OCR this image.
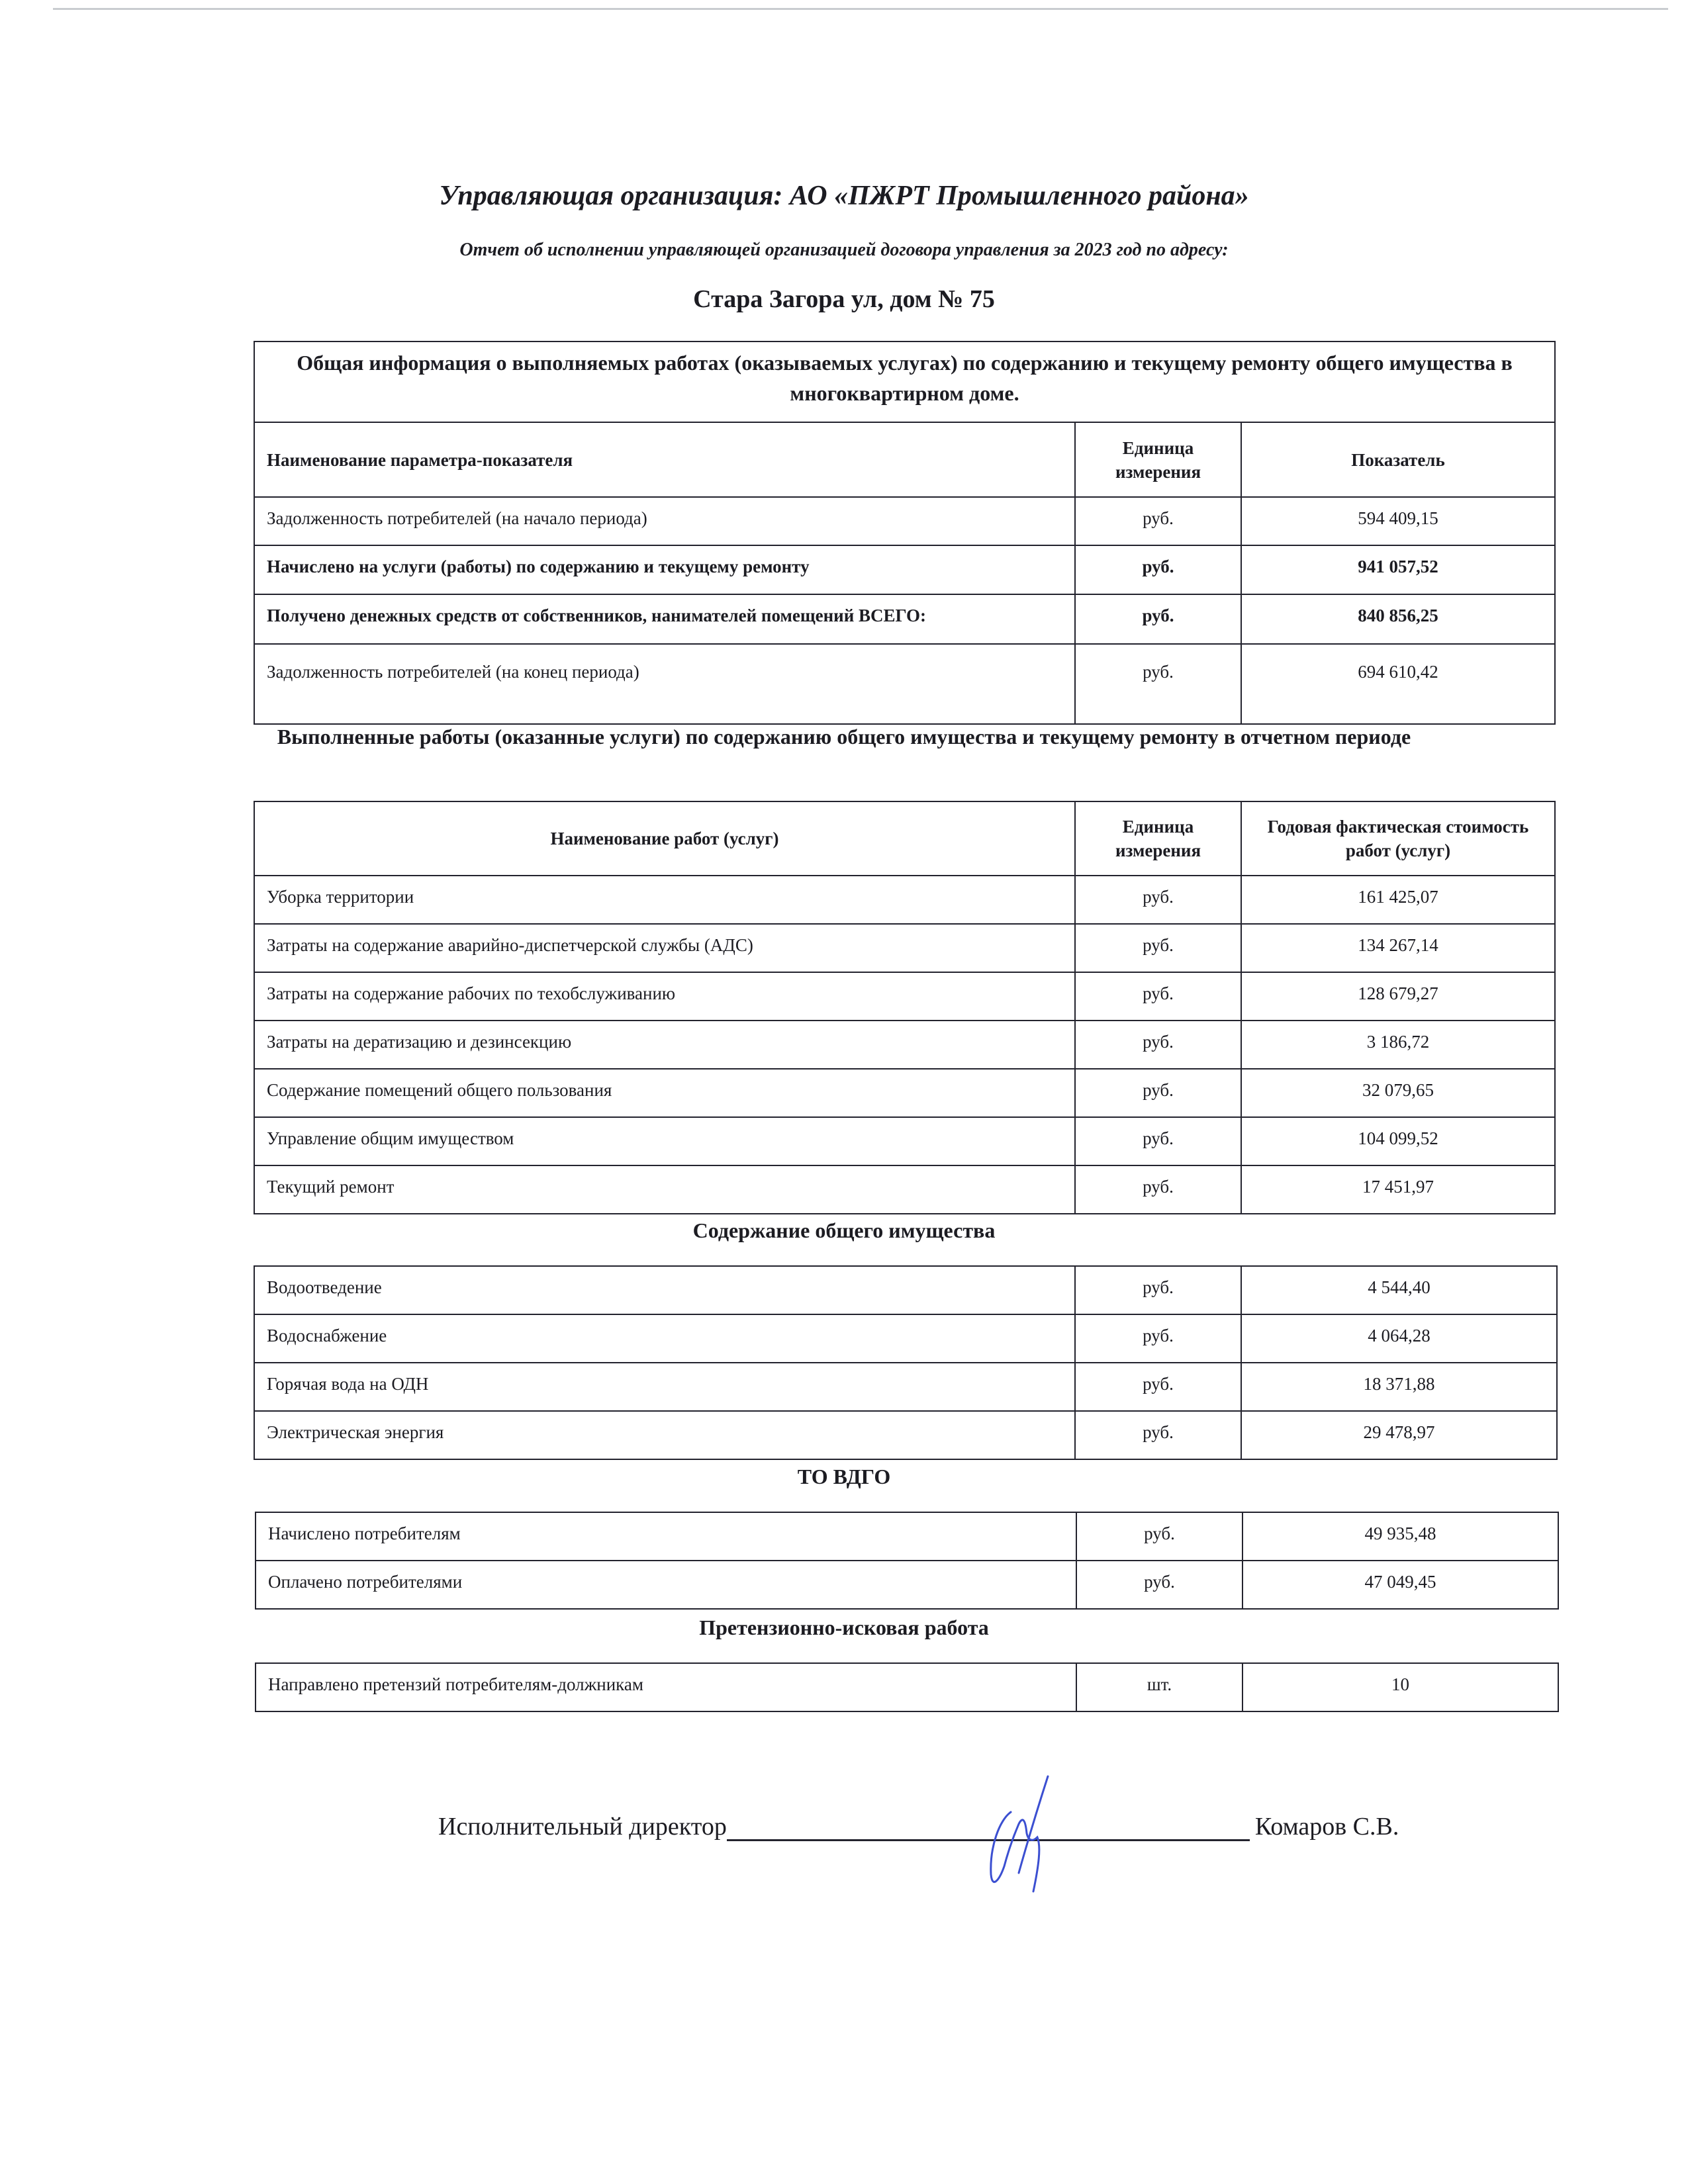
Управляющая организация: АО «ПЖРТ Промышленного района»
Отчет об исполнении управляющей организацией договора управления за 2023 год по адресу:
Стара Загора ул, дом № 75
Общая информация о выполняемых работах (оказываемых услугах) по содержанию и текущему ремонту общего имущества в многоквартирном доме.		
Наименование параметра-показателя	Единица измерения	Показатель
Задолженность потребителей (на начало периода)	руб.	594 409,15
Начислено на услуги (работы) по содержанию и текущему ремонту	руб.	941 057,52
Получено денежных средств от собственников, нанимателей помещений ВСЕГО:	руб.	840 856,25
Задолженность потребителей (на конец периода)	руб.	694 610,42
Выполненные работы (оказанные услуги) по содержанию общего имущества и текущему ремонту в отчетном периоде
Наименование работ (услуг)	Единица измерения	Годовая фактическая стоимость работ (услуг)
Уборка территории	руб.	161 425,07
Затраты на содержание аварийно-диспетчерской службы (АДС)	руб.	134 267,14
Затраты на содержание рабочих по техобслуживанию	руб.	128 679,27
Затраты на дератизацию и дезинсекцию	руб.	3 186,72
Содержание помещений общего пользования	руб.	32 079,65
Управление общим имуществом	руб.	104 099,52
Текущий ремонт	руб.	17 451,97
Содержание общего имущества
Водоотведение	руб.	4 544,40
Водоснабжение	руб.	4 064,28
Горячая вода на ОДН	руб.	18 371,88
Электрическая энергия	руб.	29 478,97
ТО ВДГО
Начислено потребителям	руб.	49 935,48
Оплачено потребителями	руб.	47 049,45
Претензионно-исковая работа
Направлено претензий потребителям-должникам	шт.	10
Исполнительный директор	Комаров С.В.
